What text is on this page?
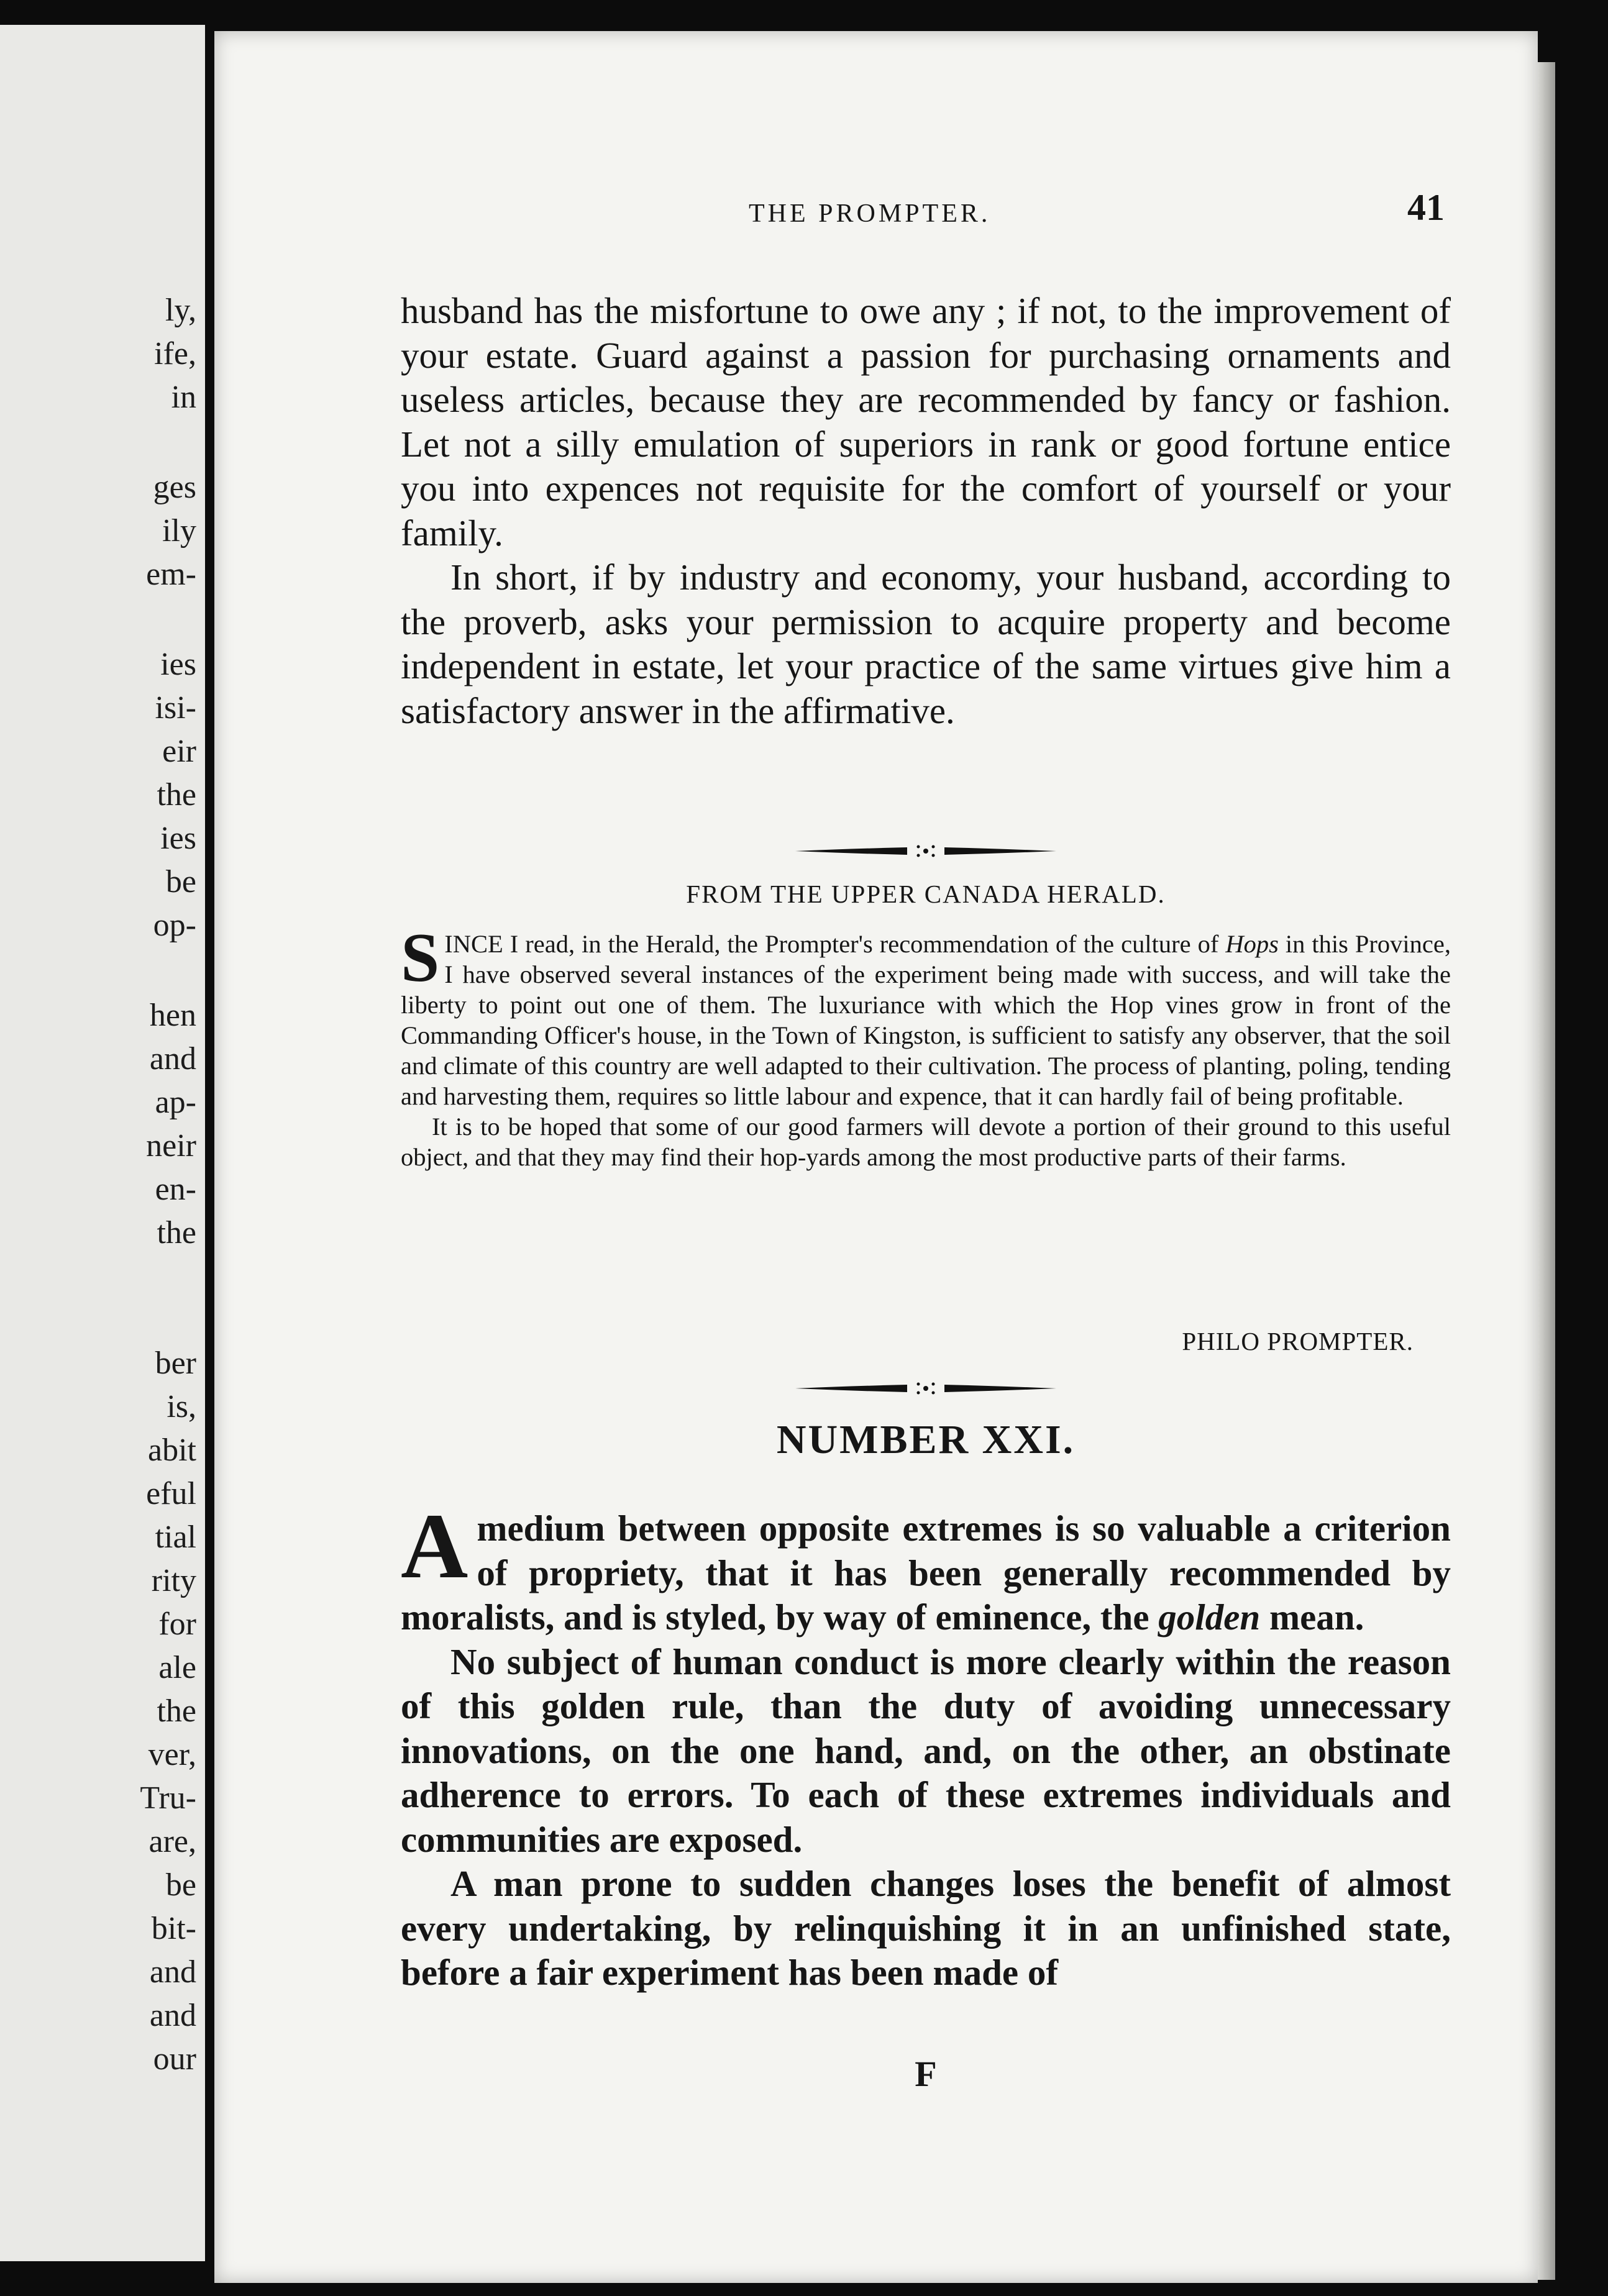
ly,
ife,
in
ges
ily
em-
ies
isi-
eir
the
ies
be
op-
hen
and
ap-
neir
en-
the
ber
is,
abit
eful
tial
rity
for
ale
the
ver,
Tru-
are,
be
bit-
and
and
our
THE PROMPTER.	41

husband has the misfortune to owe any ; if not, to the improvement of your estate. Guard against a passion for purchasing ornaments and useless articles, because they are recommended by fancy or fashion. Let not a silly emulation of superiors in rank or good fortune entice you into expences not requisite for the comfort of yourself or your family.

In short, if by industry and economy, your husband, according to the proverb, asks your permission to acquire property and become independent in estate, let your practice of the same virtues give him a satisfactory answer in the affirmative.

FROM THE UPPER CANADA HERALD.

SINCE I read, in the Herald, the Prompter's recommendation of the culture of Hops in this Province, I have observed several instances of the experiment being made with success, and will take the liberty to point out one of them. The luxuriance with which the Hop vines grow in front of the Commanding Officer's house, in the Town of Kingston, is sufficient to satisfy any observer, that the soil and climate of this country are well adapted to their cultivation. The process of planting, poling, tending and harvesting them, requires so little labour and expence, that it can hardly fail of being profitable.

It is to be hoped that some of our good farmers will devote a portion of their ground to this useful object, and that they may find their hop-yards among the most productive parts of their farms.

PHILO PROMPTER.
NUMBER XXI.

Amedium between opposite extremes is so valuable a criterion of propriety, that it has been generally recommended by moralists, and is styled, by way of eminence, the golden mean.

No subject of human conduct is more clearly within the reason of this golden rule, than the duty of avoiding unnecessary innovations, on the one hand, and, on the other, an obstinate adherence to errors. To each of these extremes individuals and communities are exposed.

A man prone to sudden changes loses the benefit of almost every undertaking, by relinquishing it in an unfinished state, before a fair experiment has been made of

F
